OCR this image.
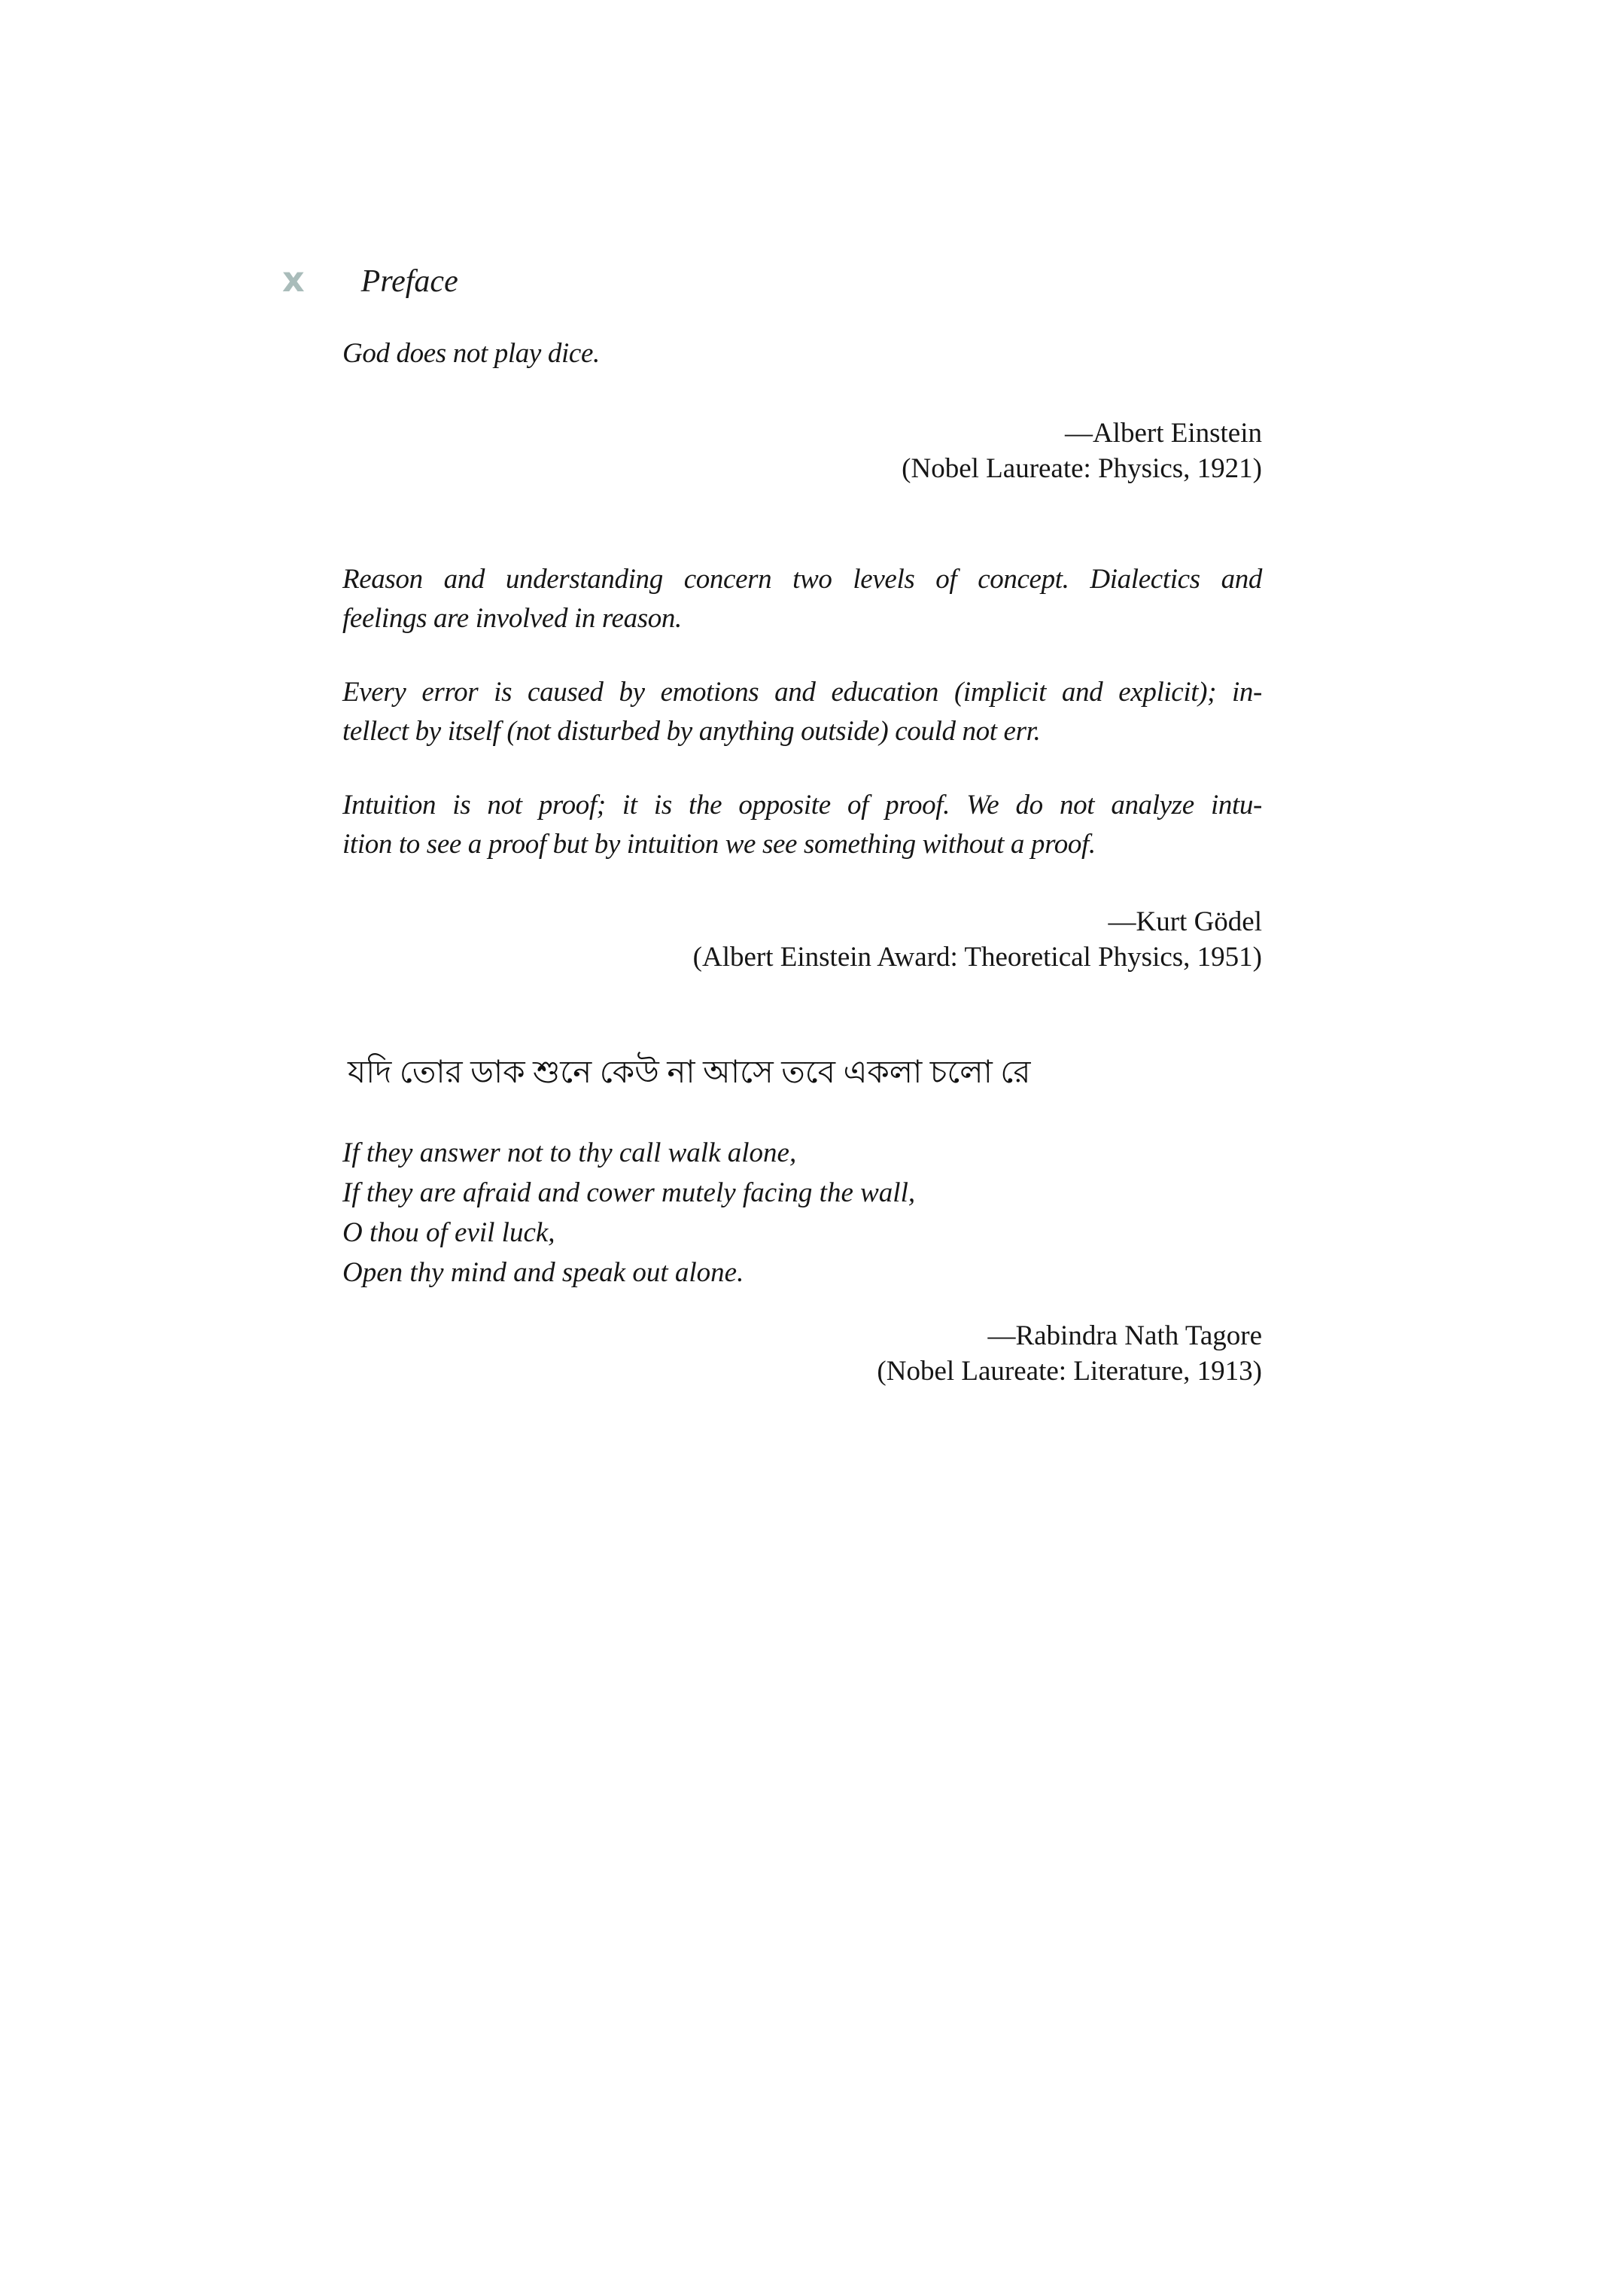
x Preface
God does not play dice.
—Albert Einstein
(Nobel Laureate: Physics, 1921)
Reason and understanding concern two levels of concept. Dialectics and
feelings are involved in reason.
Every error is caused by emotions and education (implicit and explicit); in-
tellect by itself (not disturbed by anything outside) could not err.
Intuition is not proof; it is the opposite of proof. We do not analyze intu-
ition to see a proof but by intuition we see something without a proof.
—Kurt Gödel
(Albert Einstein Award: Theoretical Physics, 1951)
যদি তোর ডাক শুনে কেউ না আসে তবে একলা চলো রে
If they answer not to thy call walk alone,
If they are afraid and cower mutely facing the wall,
O thou of evil luck,
Open thy mind and speak out alone.
—Rabindra Nath Tagore
(Nobel Laureate: Literature, 1913)
